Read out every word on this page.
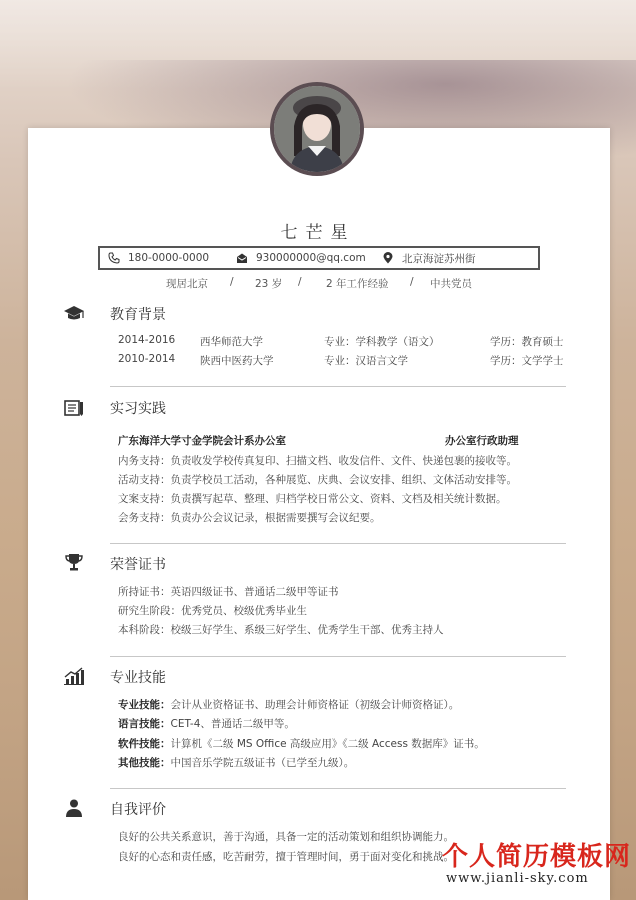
七芒星
180-0000-0000	930000000@qq.com	北京海淀苏州街
现居北京 / 23 岁 / 2 年工作经验 / 中共党员
教育背景
2014-2016 西华师范大学	专业：学科教学（语文）	学历：教育硕士
2010-2014 陕西中医药大学	专业：汉语言文学	学历：文学学士
实习实践
广东海洋大学寸金学院会计系办公室	办公室行政助理
内务支持：负责收发学校传真复印、扫描文档、收发信件、文件、快递包裹的接收等。
活动支持：负责学校员工活动，各种展览、庆典、会议安排、组织、文体活动安排等。
文案支持：负责撰写起草、整理、归档学校日常公文、资料、文档及相关统计数据。
会务支持：负责办公会议记录，根据需要撰写会议纪要。
荣誉证书
所持证书：英语四级证书、普通话二级甲等证书
研究生阶段：优秀党员、校级优秀毕业生
本科阶段：校级三好学生、系级三好学生、优秀学生干部、优秀主持人
专业技能
专业技能：会计从业资格证书、助理会计师资格证（初级会计师资格证）。
语言技能：CET-4、普通话二级甲等。
软件技能：计算机《二级 MS Office 高级应用》《二级 Access 数据库》证书。
其他技能：中国音乐学院五级证书（已学至九级）。
自我评价
良好的公共关系意识，善于沟通，具备一定的活动策划和组织协调能力。
良好的心态和责任感，吃苦耐劳，擅于管理时间，勇于面对变化和挑战。
个人简历模板网
www.jianli-sky.com
